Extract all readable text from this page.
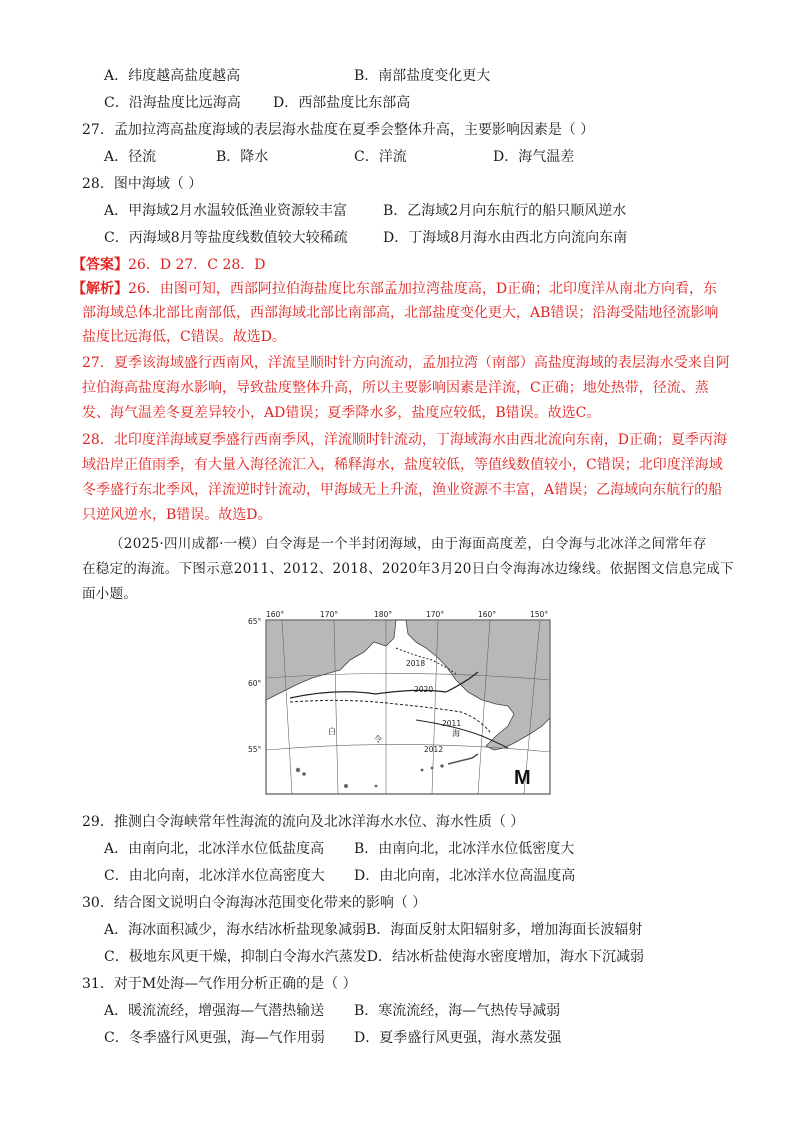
A．纬度越高盐度越高	B．南部盐度变化更大
C．沿海盐度比远海高 D．西部盐度比东部高
27．孟加拉湾高盐度海域的表层海水盐度在夏季会整体升高，主要影响因素是（ ）
A．径流	B．降水	C．洋流	D．海气温差
28．图中海域（ ）
A．甲海域2月水温较低渔业资源较丰富	B．乙海域2月向东航行的船只顺风逆水
C．丙海域8月等盐度线数值较大较稀疏	D．丁海域8月海水由西北方向流向东南
【答案】26．D 27．C 28．D
【解析】26．由图可知，西部阿拉伯海盐度比东部孟加拉湾盐度高，D正确；北印度洋从南北方向看，东
部海域总体北部比南部低，西部海域北部比南部高，北部盐度变化更大，AB错误；沿海受陆地径流影响
盐度比远海低，C错误。故选D。
27．夏季该海域盛行西南风，洋流呈顺时针方向流动，孟加拉湾（南部）高盐度海域的表层海水受来自阿
拉伯海高盐度海水影响，导致盐度整体升高，所以主要影响因素是洋流，C正确；地处热带，径流、蒸
发、海气温差冬夏差异较小，AD错误；夏季降水多，盐度应较低，B错误。故选C。
28．北印度洋海域夏季盛行西南季风，洋流顺时针流动，丁海域海水由西北流向东南，D正确；夏季丙海
域沿岸正值雨季，有大量入海径流汇入，稀释海水，盐度较低，等值线数值较小，C错误；北印度洋海域
冬季盛行东北季风，洋流逆时针流动，甲海域无上升流，渔业资源不丰富，A错误；乙海域向东航行的船
只逆风逆水，B错误。故选D。
（2025·四川成都·一模）白令海是一个半封闭海域，由于海面高度差，白令海与北冰洋之间常年存
在稳定的海流。下图示意2011、2012、2018、2020年3月20日白令海海冰边缘线。依据图文信息完成下
面小题。
160°	170°	180°	170°	160°	150°
65°
60°
55°
2018
2020
2011
2012
白
令
海
M
29．推测白令海峡常年性海流的流向及北冰洋海水水位、海水性质（ ）
A．由南向北，北冰洋水位低盐度高 B．由南向北，北冰洋水位低密度大
C．由北向南，北冰洋水位高密度大 D．由北向南，北冰洋水位高温度高
30．结合图文说明白令海海冰范围变化带来的影响（ ）
A．海冰面积减少，海水结冰析盐现象减弱B．海面反射太阳辐射多，增加海面长波辐射
C．极地东风更干燥，抑制白令海水汽蒸发D．结冰析盐使海水密度增加，海水下沉减弱
31．对于M处海—气作用分析正确的是（ ）
A．暖流流经，增强海—气潜热输送 B．寒流流经，海—气热传导减弱
C．冬季盛行风更强，海—气作用弱 D．夏季盛行风更强，海水蒸发强
